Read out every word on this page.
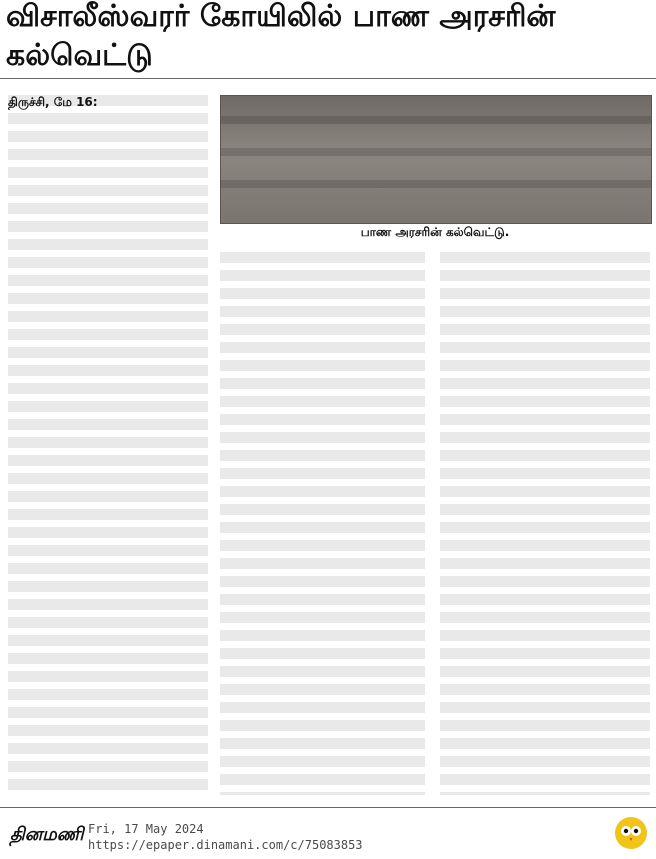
விசாலீஸ்வரர் கோயிலில் பாண அரசரின் கல்வெட்டு
திருச்சி, மே 16:
பாண அரசரின் கல்வெட்டு.
தினமணி Fri, 17 May 2024
https://epaper.dinamani.com/c/75083853
